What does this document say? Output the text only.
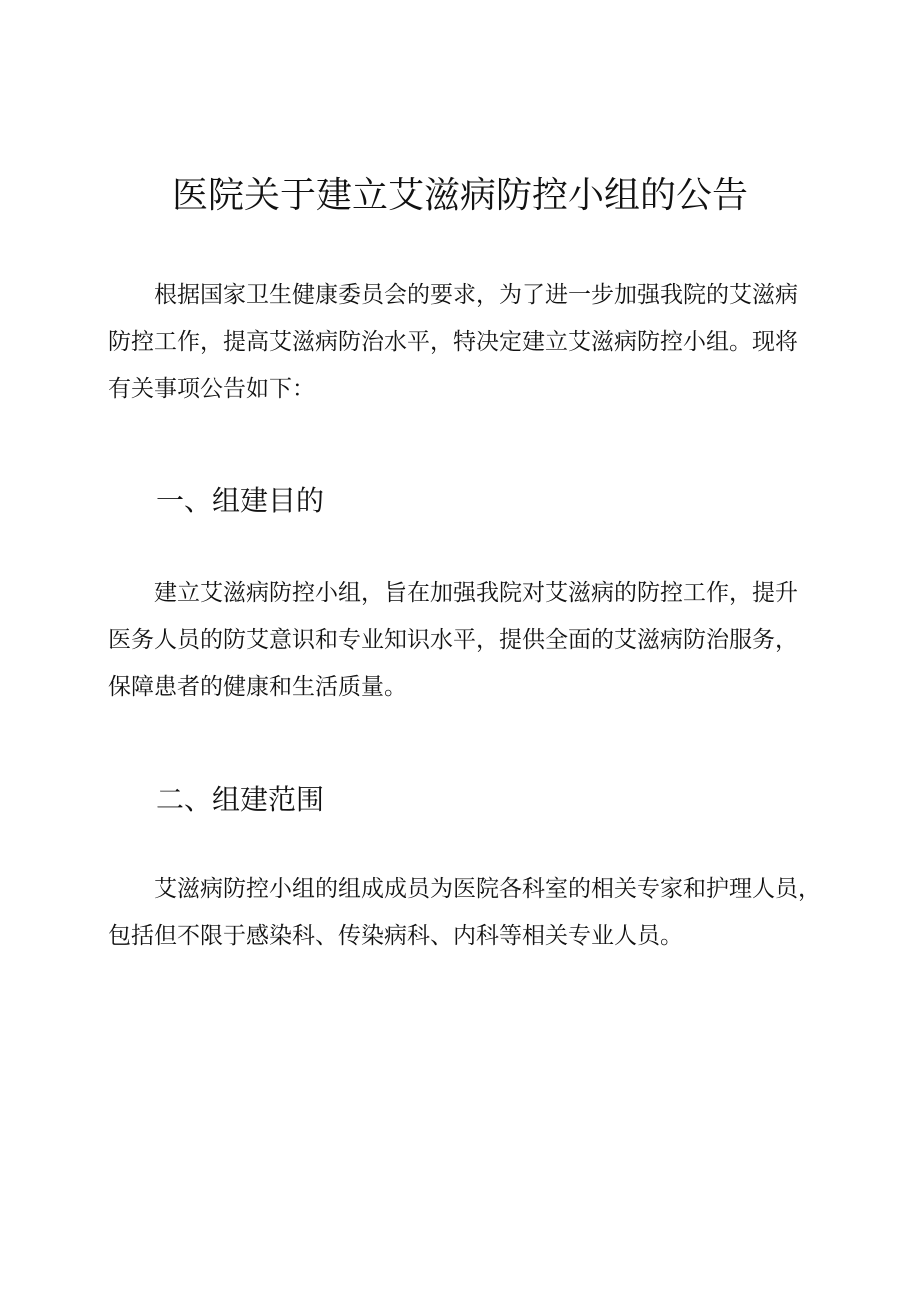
医院关于建立艾滋病防控小组的公告
根据国家卫生健康委员会的要求，为了进一步加强我院的艾滋病
防控工作，提高艾滋病防治水平，特决定建立艾滋病防控小组。现将
有关事项公告如下：
一、组建目的
建立艾滋病防控小组，旨在加强我院对艾滋病的防控工作，提升
医务人员的防艾意识和专业知识水平，提供全面的艾滋病防治服务，
保障患者的健康和生活质量。
二、组建范围
艾滋病防控小组的组成成员为医院各科室的相关专家和护理人员，
包括但不限于感染科、传染病科、内科等相关专业人员。
